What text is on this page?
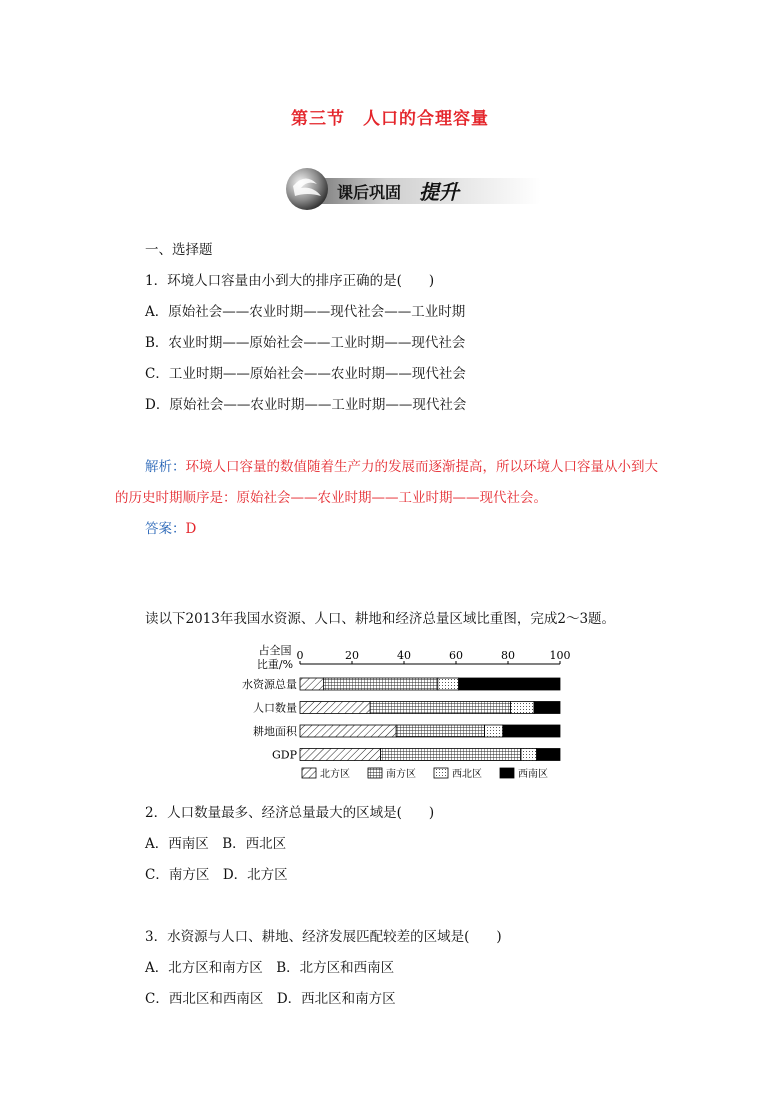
第三节　人口的合理容量
课后巩固 提升
一、选择题
1．环境人口容量由小到大的排序正确的是(　　)
A．原始社会——农业时期——现代社会——工业时期
B．农业时期——原始社会——工业时期——现代社会
C．工业时期——原始社会——农业时期——现代社会
D．原始社会——农业时期——工业时期——现代社会
解析：环境人口容量的数值随着生产力的发展而逐渐提高，所以环境人口容量从小到大
的历史时期顺序是：原始社会——农业时期——工业时期——现代社会。
答案：D
读以下2013年我国水资源、人口、耕地和经济总量区域比重图，完成2～3题。
占全国
比重/%
0	20	40	60	80	100
水资源总量
人口数量
耕地面积
GDP
北方区	南方区	西北区	西南区
2．人口数量最多、经济总量最大的区域是(　　)
A．西南区　B．西北区
C．南方区　D．北方区
3．水资源与人口、耕地、经济发展匹配较差的区域是(　　)
A．北方区和南方区　B．北方区和西南区
C．西北区和西南区　D．西北区和南方区
